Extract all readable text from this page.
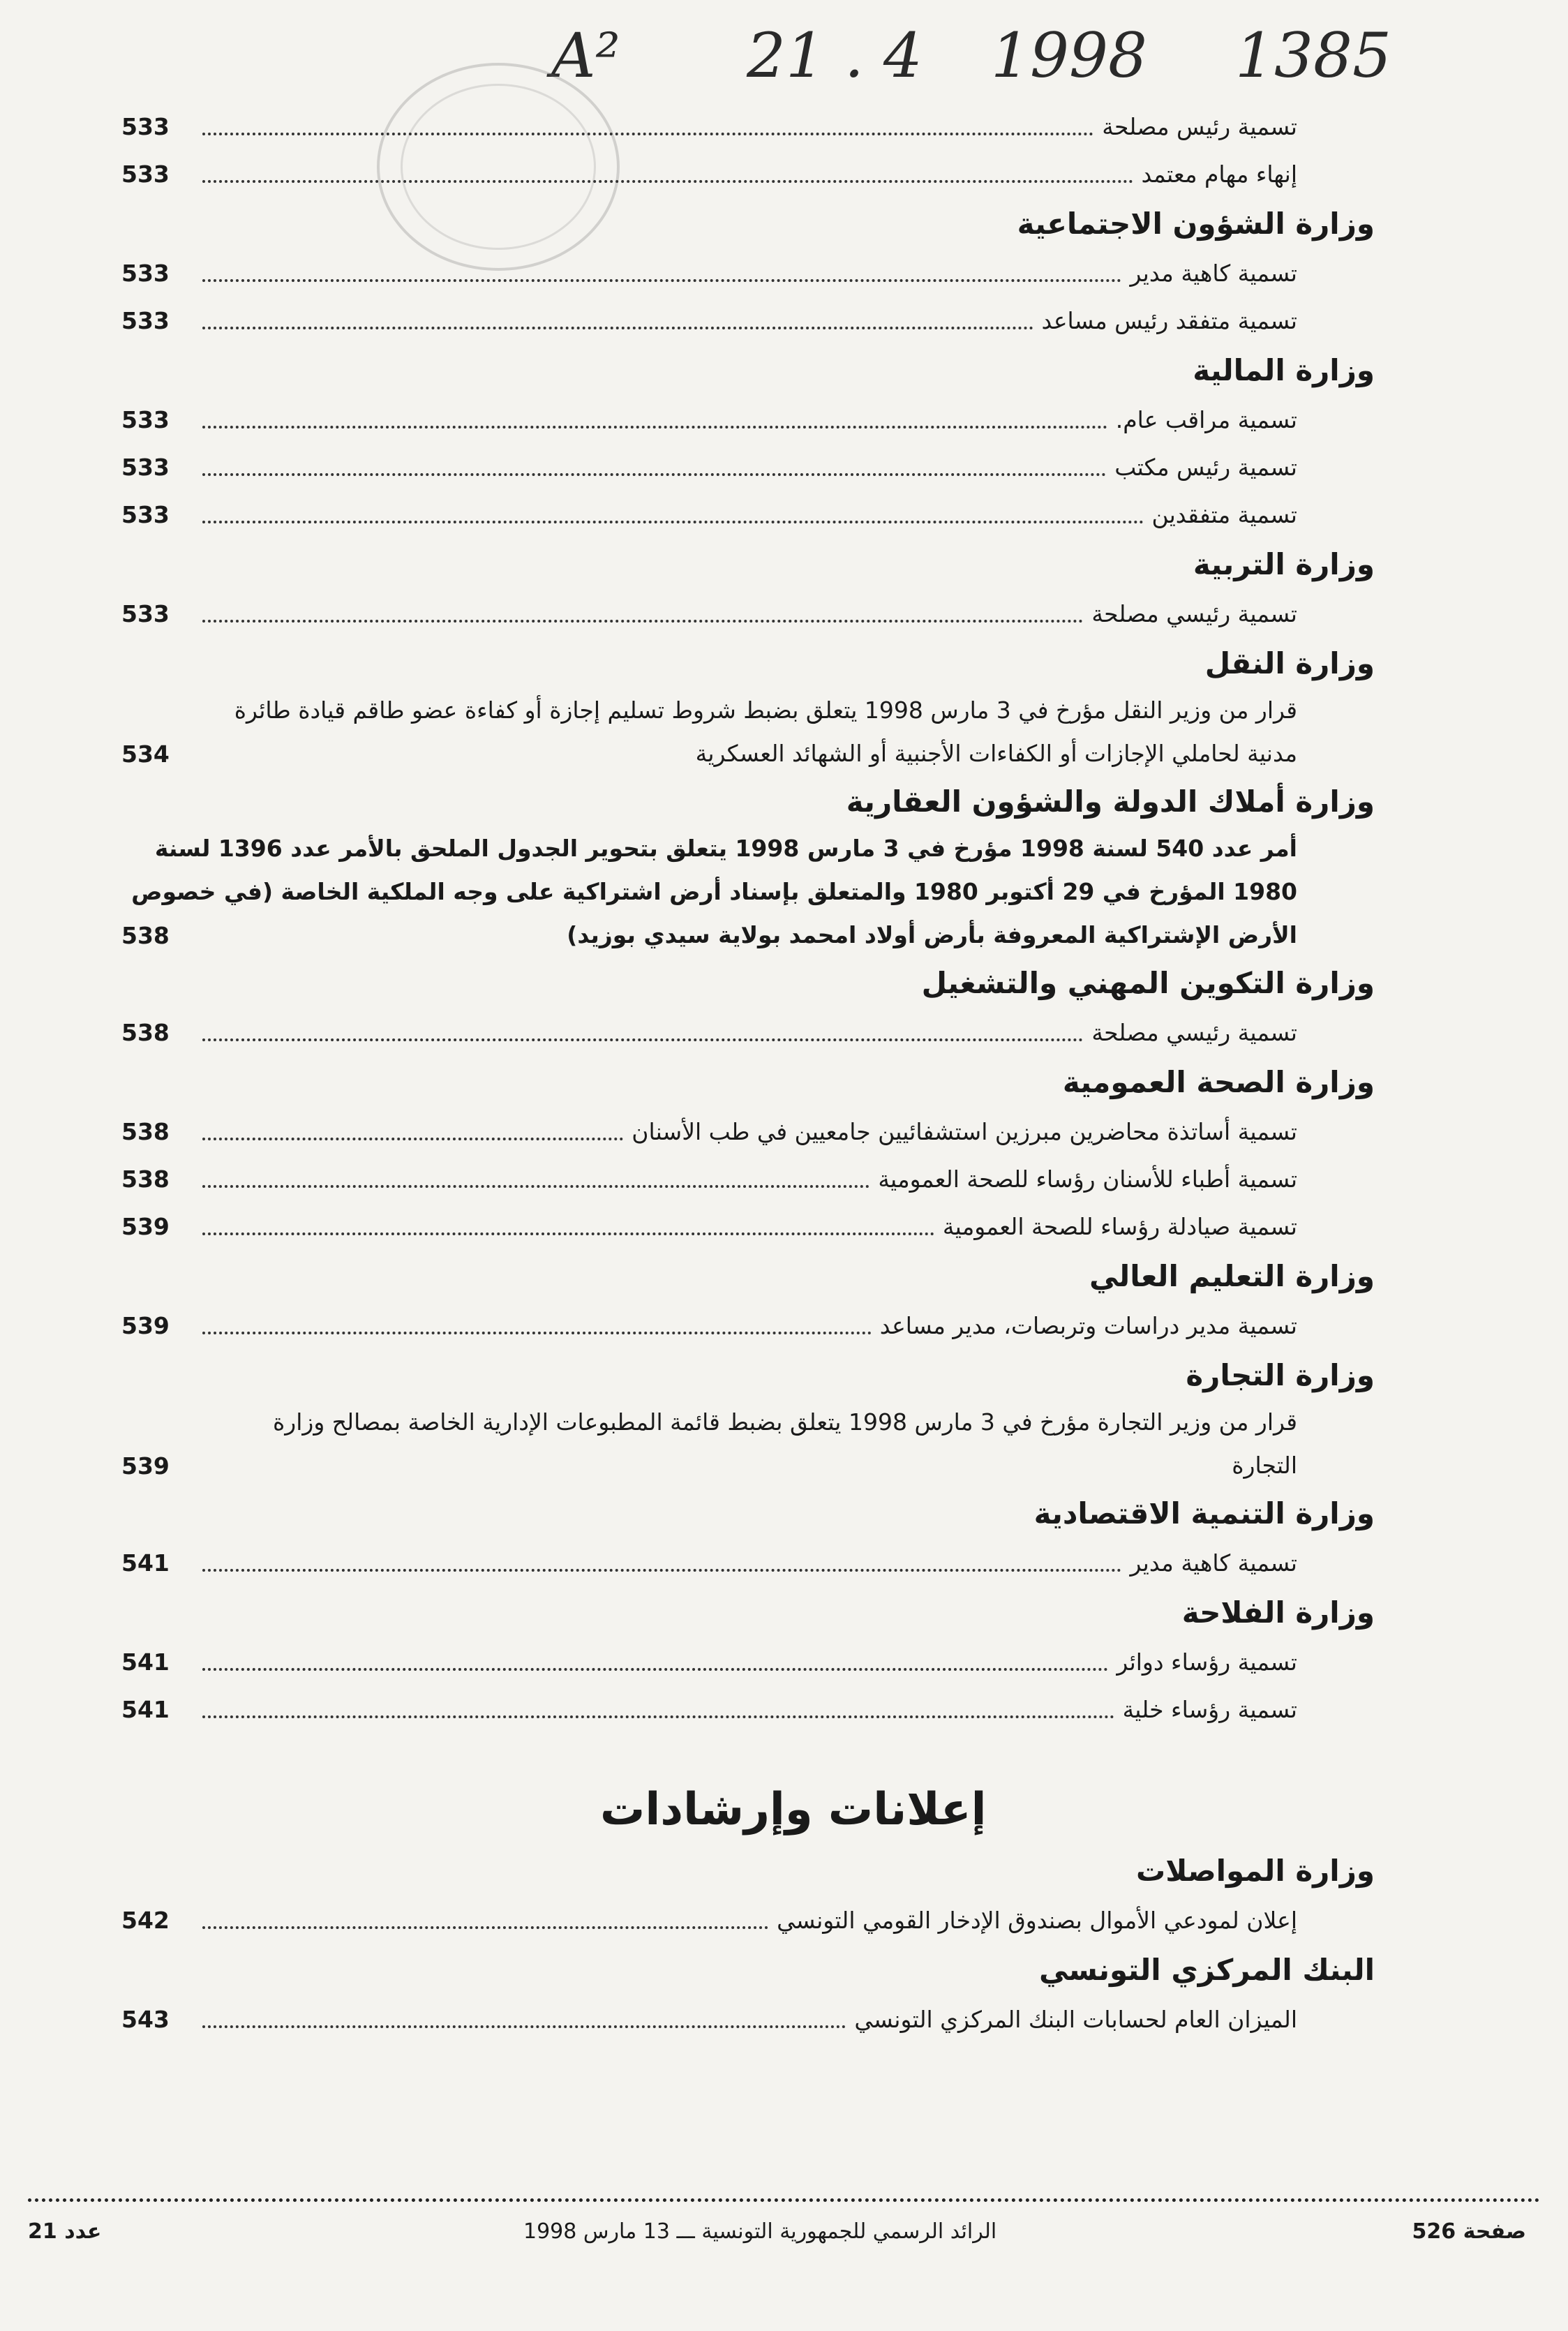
A² 21 . 4 1998 1385
تسمية رئيس مصلحة
533
إنهاء مهام معتمد
533
وزارة الشؤون الاجتماعية
تسمية كاهية مدير
533
تسمية متفقد رئيس مساعد
533
وزارة المالية
تسمية مراقب عام.
533
تسمية رئيس مكتب
533
تسمية متفقدين
533
وزارة التربية
تسمية رئيسي مصلحة
533
وزارة النقل
قرار من وزير النقل مؤرخ في 3 مارس 1998 يتعلق بضبط شروط تسليم إجازة أو كفاءة عضو طاقم قيادة طائرة
مدنية لحاملي الإجازات أو الكفاءات الأجنبية أو الشهائد العسكرية
534
وزارة أملاك الدولة والشؤون العقارية
أمر عدد 540 لسنة 1998 مؤرخ في 3 مارس 1998 يتعلق بتحوير الجدول الملحق بالأمر عدد 1396 لسنة
1980 المؤرخ في 29 أكتوبر 1980 والمتعلق بإسناد أرض اشتراكية على وجه الملكية الخاصة (في خصوص
الأرض الإشتراكية المعروفة بأرض أولاد امحمد بولاية سيدي بوزيد)
538
وزارة التكوين المهني والتشغيل
تسمية رئيسي مصلحة
538
وزارة الصحة العمومية
تسمية أساتذة محاضرين مبرزين استشفائيين جامعيين في طب الأسنان
538
تسمية أطباء للأسنان رؤساء للصحة العمومية
538
تسمية صيادلة رؤساء للصحة العمومية
539
وزارة التعليم العالي
تسمية مدير دراسات وتربصات، مدير مساعد
539
وزارة التجارة
قرار من وزير التجارة مؤرخ في 3 مارس 1998 يتعلق بضبط قائمة المطبوعات الإدارية الخاصة بمصالح وزارة
التجارة
539
وزارة التنمية الاقتصادية
تسمية كاهية مدير
541
وزارة الفلاحة
تسمية رؤساء دوائر
541
تسمية رؤساء خلية
541
إعلانات وإرشادات
وزارة المواصلات
إعلان لمودعي الأموال بصندوق الإدخار القومي التونسي
542
البنك المركزي التونسي
الميزان العام لحسابات البنك المركزي التونسي
543
عدد 21	الرائد الرسمي للجمهورية التونسية ـــ 13 مارس 1998	صفحة 526
